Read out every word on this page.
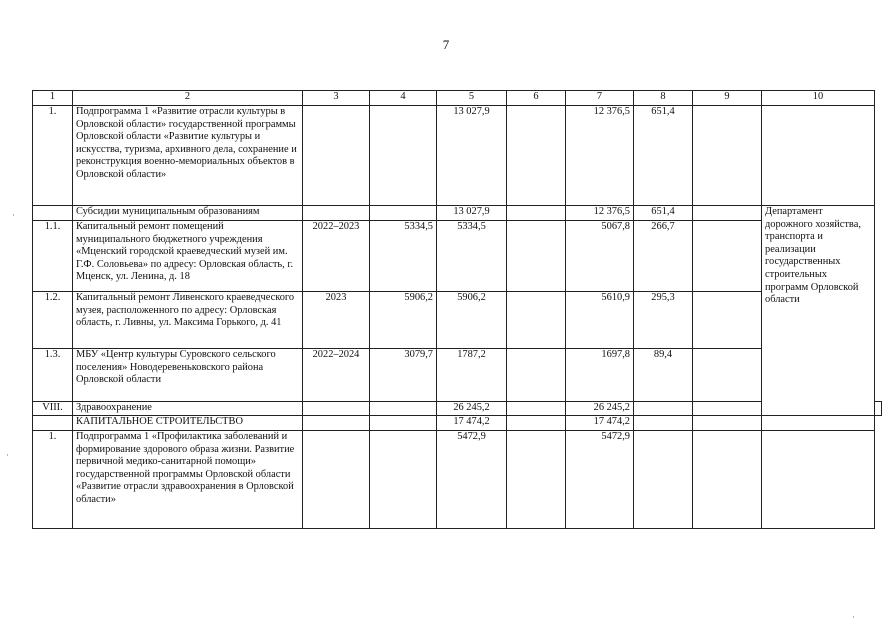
7
1	2	3	4	5	6	7	8	9	10	
1.	Подпрограмма 1 «Развитие отрасли культуры в Орловской области» государственной программы Орловской области «Развитие культуры и искусства, туризма, архивного дела, сохранение и реконструкция военно-мемориальных объектов в Орловской области»			13 027,9		12 376,5	651,4			
	Субсидии муниципальным образованиям			13 027,9		12 376,5	651,4		Департамент дорожного хозяйства, транспорта и реализации государственных строительных программ Орловской области	
1.1.	Капитальный ремонт помещений муниципального бюджетного учреждения «Мценский городской краеведческий музей им. Г.Ф. Соловьева» по адресу: Орловская область, г. Мценск, ул. Ленина, д. 18	2022–2023	5334,5	5334,5		5067,8	266,7			
1.2.	Капитальный ремонт Ливенского краеведческого музея, расположенного по адресу: Орловская область, г. Ливны, ул. Максима Горького, д. 41	2023	5906,2	5906,2		5610,9	295,3			
1.3.	МБУ «Центр культуры Суровского сельского поселения» Новодеревеньковского района Орловской области	2022–2024	3079,7	1787,2		1697,8	89,4			
VIII.	Здравоохранение			26 245,2		26 245,2				
	КАПИТАЛЬНОЕ СТРОИТЕЛЬСТВО			17 474,2		17 474,2				
1.	Подпрограмма 1 «Профилактика заболеваний и формирование здорового образа жизни. Развитие первичной медико-санитарной помощи» государственной программы Орловской области «Развитие отрасли здравоохранения в Орловской области»			5472,9		5472,9				
·
·
·
